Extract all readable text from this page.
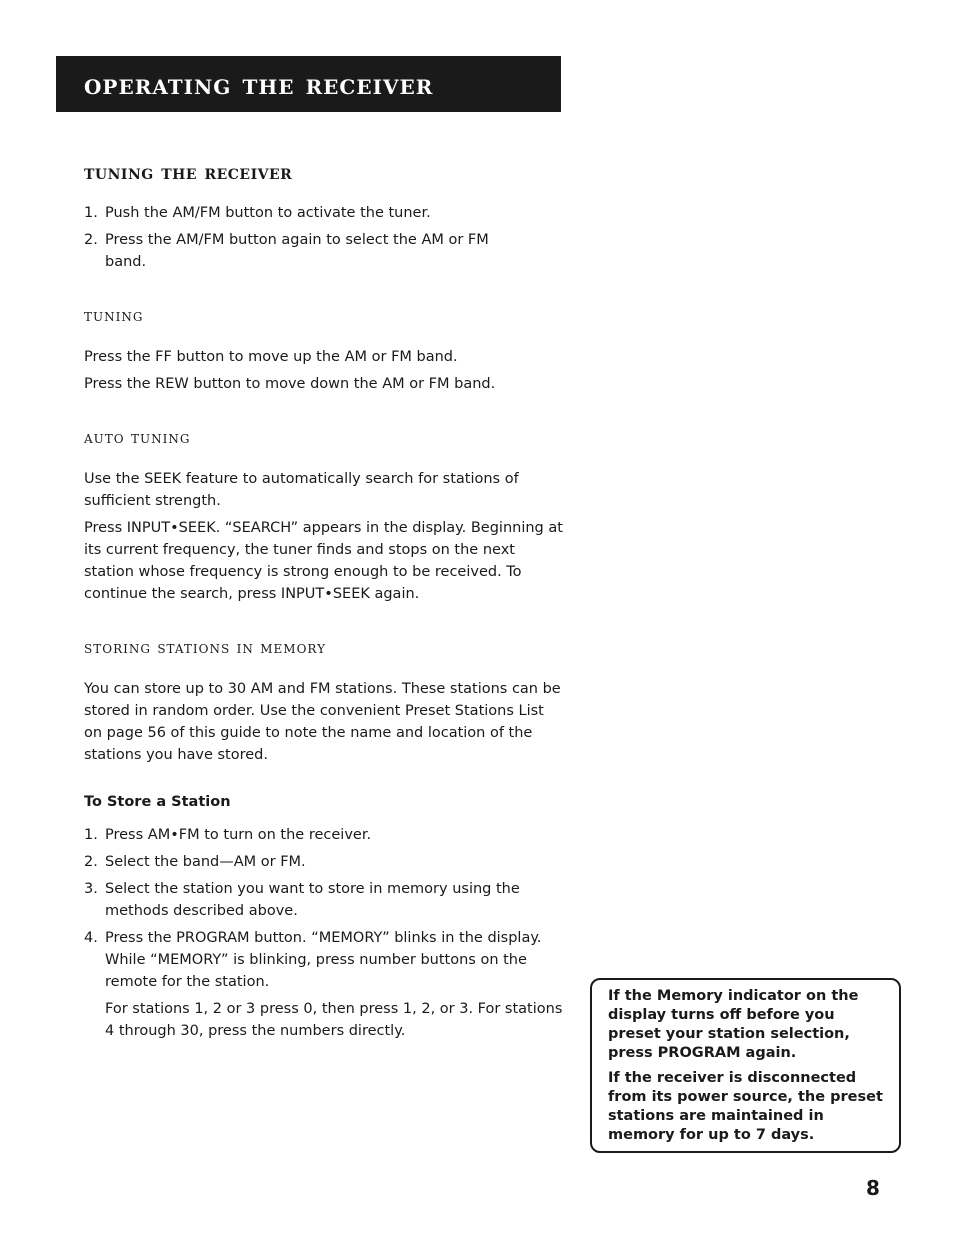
operating the receiver
tuning the receiver
1. Push the AM/FM button to activate the tuner.
2. Press the AM/FM button again to select the AM or FM band.
tuning

Press the FF button to move up the AM or FM band.

Press the REW button to move down the AM or FM band.

auto tuning

Use the SEEK feature to automatically search for stations of sufficient strength.

Press INPUT•SEEK. “SEARCH” appears in the display. Beginning at its current frequency, the tuner finds and stops on the next station whose frequency is strong enough to be received. To continue the search, press INPUT•SEEK again.

storing stations in memory

You can store up to 30 AM and FM stations. These stations can be stored in random order. Use the convenient Preset Stations List on page 56 of this guide to note the name and location of the stations you have stored.

To Store a Station
1. Press AM•FM to turn on the receiver.
2. Select the band—AM or FM.
3. Select the station you want to store in memory using the methods described above.
4. Press the PROGRAM button. “MEMORY” blinks in the display. While “MEMORY” is blinking, press number buttons on the remote for the station.

For stations 1, 2 or 3 press 0, then press 1, 2, or 3. For stations 4 through 30, press the numbers directly.

If the Memory indicator on the display turns off before you preset your station selection, press PROGRAM again.

If the receiver is disconnected from its power source, the preset stations are maintained in memory for up to 7 days.

8
